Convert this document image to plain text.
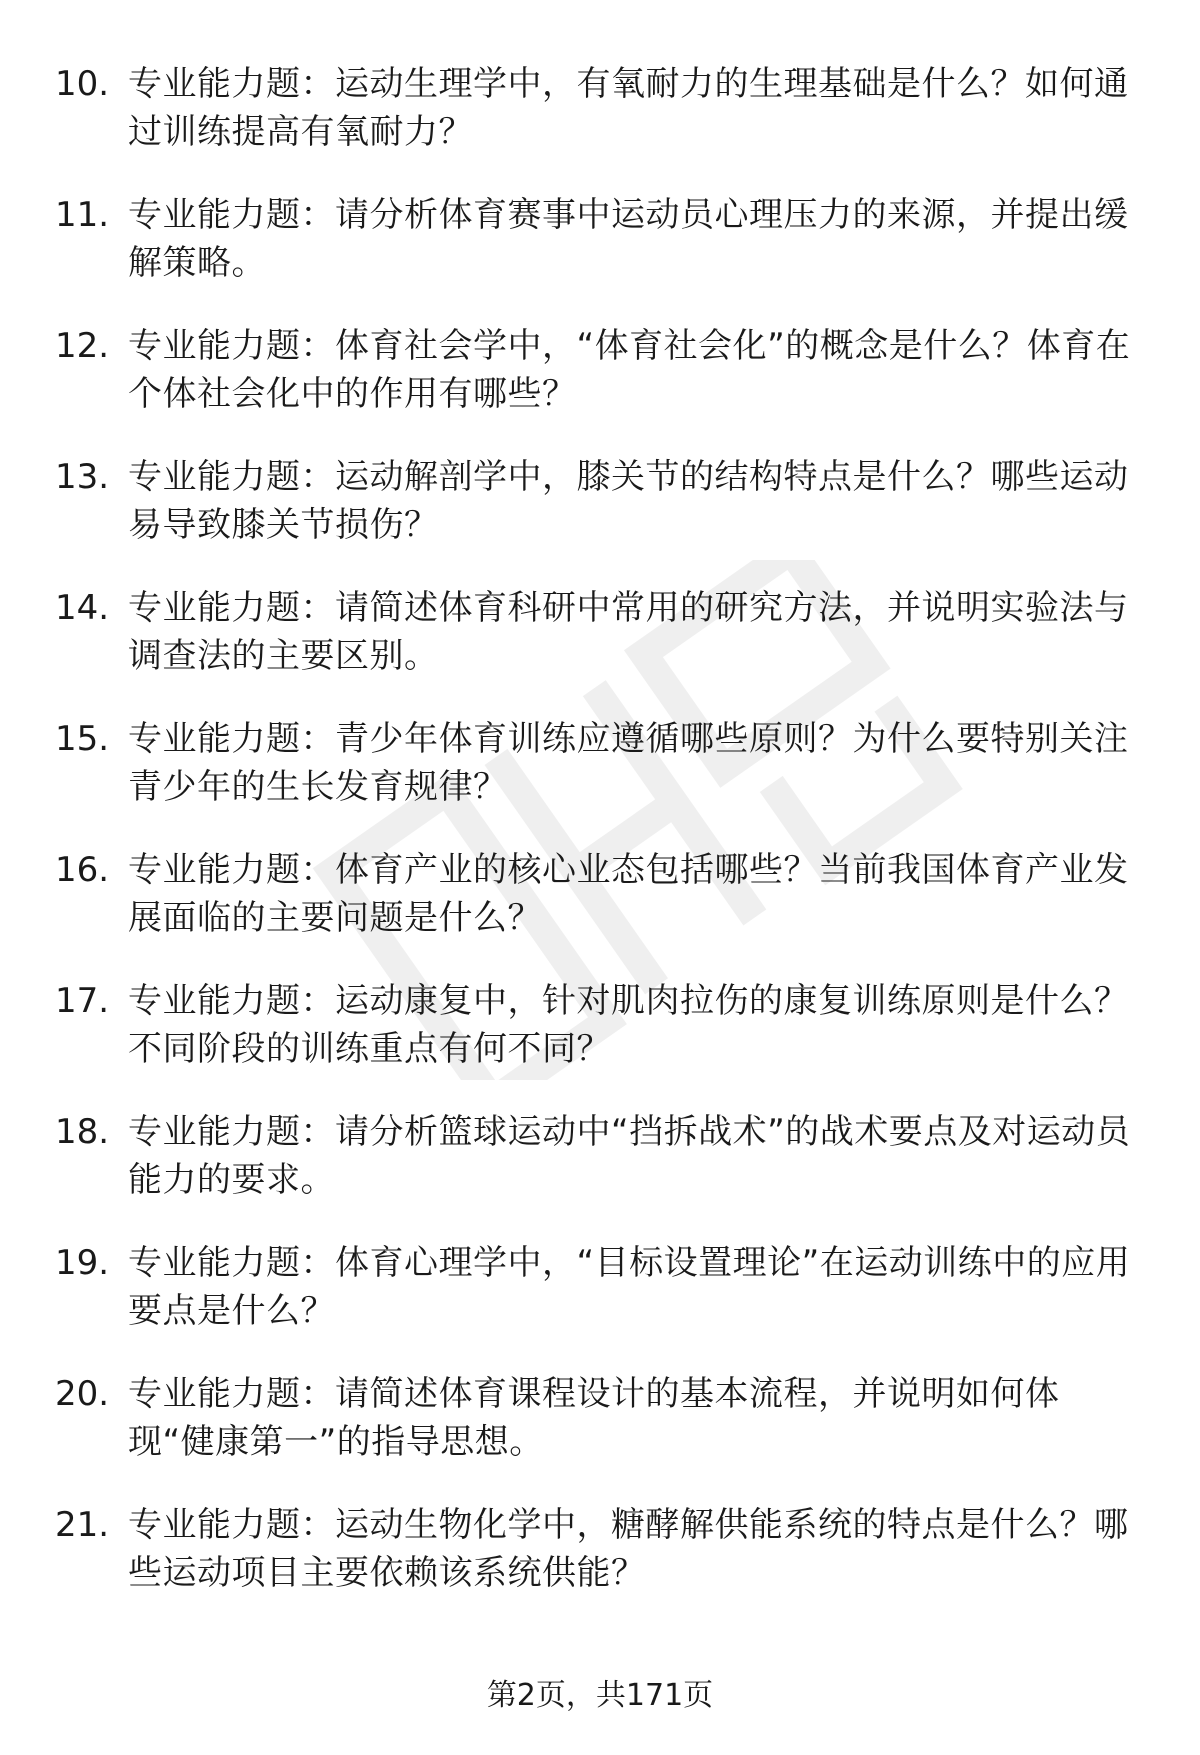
10. 专业能力题：运动生理学中，有氧耐力的生理基础是什么？如何通过训练提高有氧耐力？
11. 专业能力题：请分析体育赛事中运动员心理压力的来源，并提出缓解策略。
12. 专业能力题：体育社会学中，“体育社会化”的概念是什么？体育在个体社会化中的作用有哪些？
13. 专业能力题：运动解剖学中，膝关节的结构特点是什么？哪些运动易导致膝关节损伤？
14. 专业能力题：请简述体育科研中常用的研究方法，并说明实验法与调查法的主要区别。
15. 专业能力题：青少年体育训练应遵循哪些原则？为什么要特别关注青少年的生长发育规律？
16. 专业能力题：体育产业的核心业态包括哪些？当前我国体育产业发展面临的主要问题是什么？
17. 专业能力题：运动康复中，针对肌肉拉伤的康复训练原则是什么？不同阶段的训练重点有何不同？
18. 专业能力题：请分析篮球运动中“挡拆战术”的战术要点及对运动员能力的要求。
19. 专业能力题：体育心理学中，“目标设置理论”在运动训练中的应用要点是什么？
20. 专业能力题：请简述体育课程设计的基本流程，并说明如何体现“健康第一”的指导思想。
21. 专业能力题：运动生物化学中，糖酵解供能系统的特点是什么？哪些运动项目主要依赖该系统供能？
第2页，共171页
